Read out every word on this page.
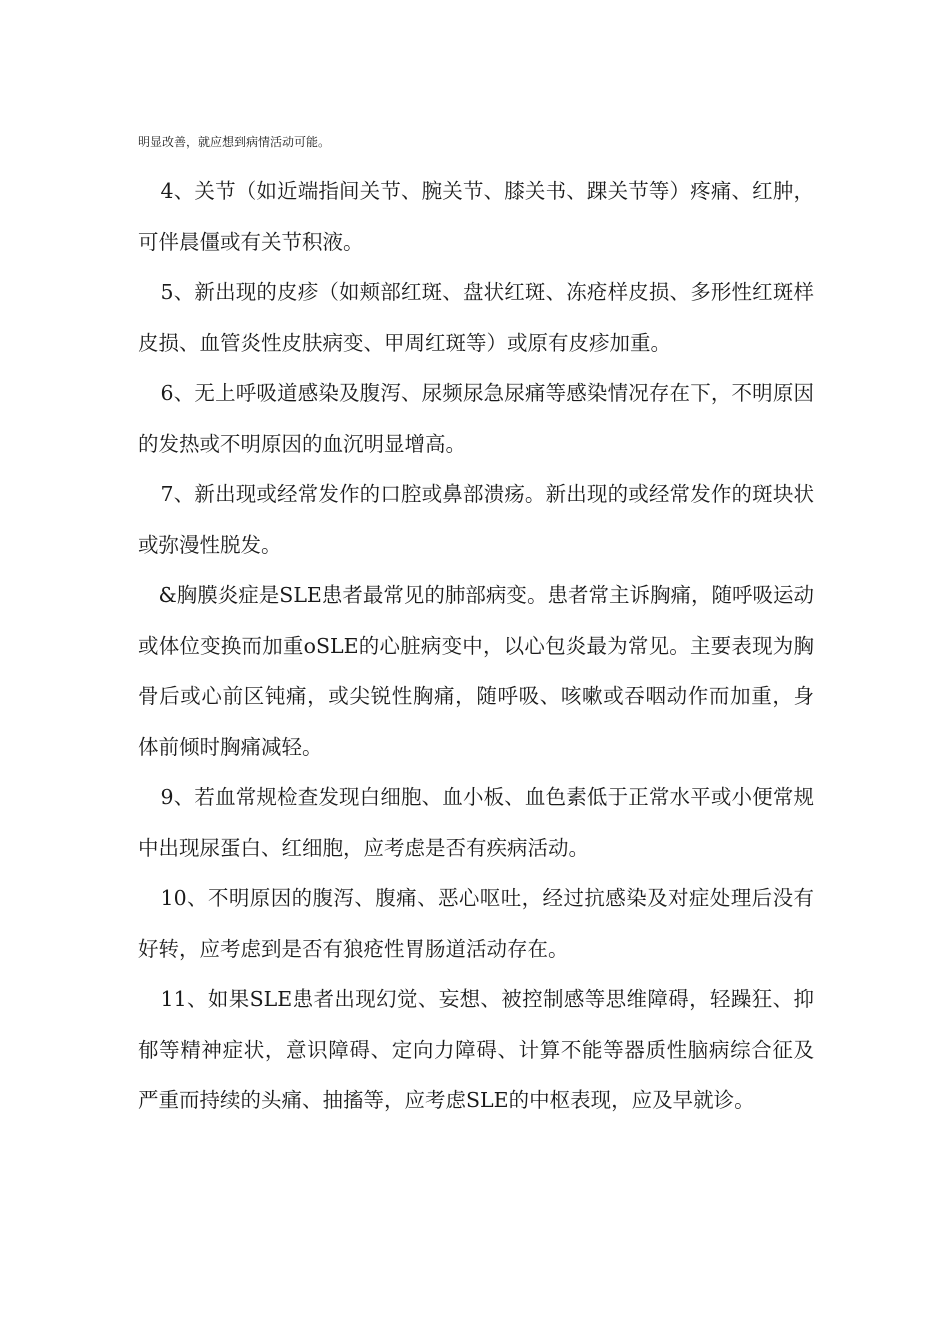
明显改善，就应想到病情活动可能。

4、关节（如近端指间关节、腕关节、膝关书、踝关节等）疼痛、红肿，可伴晨僵或有关节积液。

5、新出现的皮疹（如颊部红斑、盘状红斑、冻疮样皮损、多形性红斑样皮损、血管炎性皮肤病变、甲周红斑等）或原有皮疹加重。

6、无上呼吸道感染及腹泻、尿频尿急尿痛等感染情况存在下，不明原因的发热或不明原因的血沉明显增高。

7、新出现或经常发作的口腔或鼻部溃疡。新出现的或经常发作的斑块状或弥漫性脱发。

&胸膜炎症是SLE患者最常见的肺部病变。患者常主诉胸痛，随呼吸运动或体位变换而加重oSLE的心脏病变中，以心包炎最为常见。主要表现为胸骨后或心前区钝痛，或尖锐性胸痛，随呼吸、咳嗽或吞咽动作而加重，身体前倾时胸痛减轻。

9、若血常规检查发现白细胞、血小板、血色素低于正常水平或小便常规中出现尿蛋白、红细胞，应考虑是否有疾病活动。

10、不明原因的腹泻、腹痛、恶心呕吐，经过抗感染及对症处理后没有好转，应考虑到是否有狼疮性胃肠道活动存在。

11、如果SLE患者出现幻觉、妄想、被控制感等思维障碍，轻躁狂、抑郁等精神症状，意识障碍、定向力障碍、计算不能等器质性脑病综合征及严重而持续的头痛、抽搐等，应考虑SLE的中枢表现，应及早就诊。
